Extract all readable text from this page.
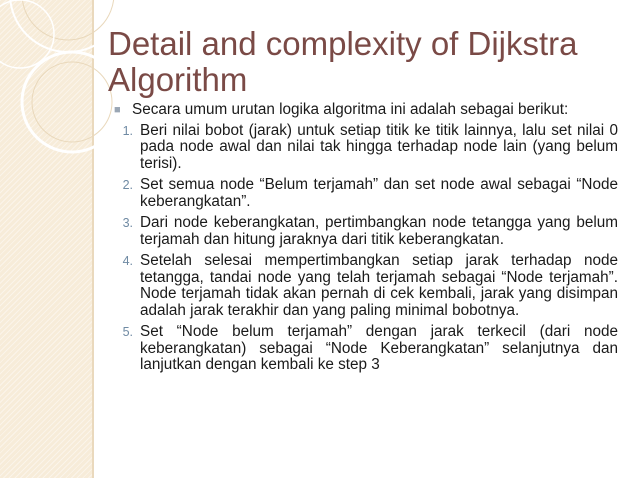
Detail and complexity of Dijkstra Algorithm
■ Secara umum urutan logika algoritma ini adalah sebagai berikut:
1. Beri nilai bobot (jarak) untuk setiap titik ke titik lainnya, lalu set nilai 0 pada node awal dan nilai tak hingga terhadap node lain (yang belum terisi).
2. Set semua node “Belum terjamah” dan set node awal sebagai “Node keberangkatan”.
3. Dari node keberangkatan, pertimbangkan node tetangga yang belum terjamah dan hitung jaraknya dari titik keberangkatan.
4. Setelah selesai mempertimbangkan setiap jarak terhadap node tetangga, tandai node yang telah terjamah sebagai “Node terjamah”. Node terjamah tidak akan pernah di cek kembali, jarak yang disimpan adalah jarak terakhir dan yang paling minimal bobotnya.
5. Set “Node belum terjamah” dengan jarak terkecil (dari node keberangkatan) sebagai “Node Keberangkatan” selanjutnya dan lanjutkan dengan kembali ke step 3
